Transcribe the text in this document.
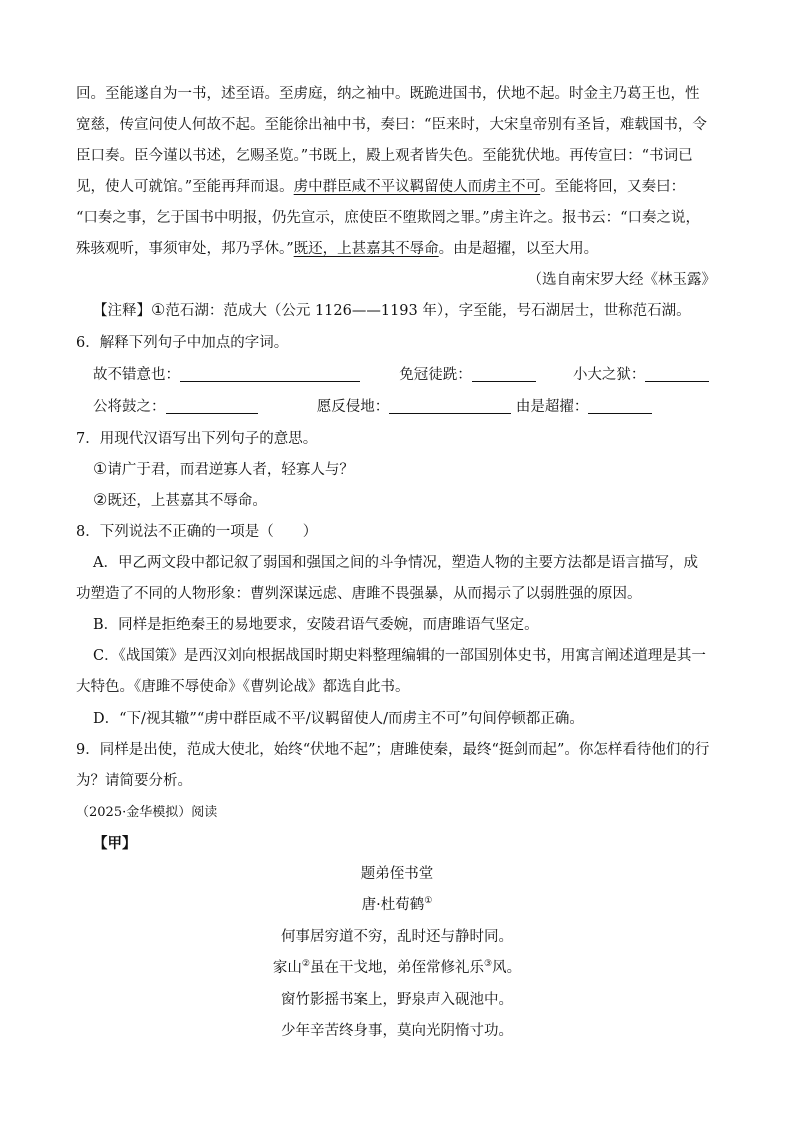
回。至能遂自为一书，述至语。至虏庭，纳之袖中。既跪进国书，伏地不起。时金主乃葛王也，性
宽慈，传宣问使人何故不起。至能徐出袖中书，奏曰：“臣来时，大宋皇帝别有圣旨，难载国书，令
臣口奏。臣今谨以书述，乞赐圣览。”书既上，殿上观者皆失色。至能犹伏地。再传宣曰：“书词已
见，使人可就馆。”至能再拜而退。虏中群臣咸不平议羁留使人而虏主不可。至能将回，又奏曰：
“口奏之事，乞于国书中明报，仍先宣示，庶使臣不堕欺罔之罪。”虏主许之。报书云：“口奏之说，
殊骇观听，事须审处，邦乃孚休。”既还，上甚嘉其不辱命。由是超擢，以至大用。
（选自南宋罗大经《林玉露》
【注释】①范石湖：范成大（公元 1126——1193 年），字至能，号石湖居士，世称范石湖。
6．解释下列句子中加点的字词。
故不错意也：	免冠徒跣：	小大之狱：
公将鼓之：	愿反侵地：	由是超擢：
7．用现代汉语写出下列句子的意思。
①请广于君，而君逆寡人者，轻寡人与？
②既还，上甚嘉其不辱命。
8．下列说法不正确的一项是（　　）
A．甲乙两文段中都记叙了弱国和强国之间的斗争情况，塑造人物的主要方法都是语言描写，成
功塑造了不同的人物形象：曹刿深谋远虑、唐雎不畏强暴，从而揭示了以弱胜强的原因。
B．同样是拒绝秦王的易地要求，安陵君语气委婉，而唐雎语气坚定。
C．《战国策》是西汉刘向根据战国时期史料整理编辑的一部国别体史书，用寓言阐述道理是其一
大特色。《唐雎不辱使命》《曹刿论战》都选自此书。
D．“下/视其辙”“虏中群臣咸不平/议羁留使人/而虏主不可”句间停顿都正确。
9．同样是出使，范成大使北，始终“伏地不起”；唐雎使秦，最终“挺剑而起”。你怎样看待他们的行
为？请简要分析。
（2025·金华模拟）阅读
【甲】
题弟侄书堂
唐·杜荀鹤①
何事居穷道不穷，乱时还与静时同。
家山②虽在干戈地，弟侄常修礼乐③风。
窗竹影摇书案上，野泉声入砚池中。
少年辛苦终身事，莫向光阴惰寸功。
